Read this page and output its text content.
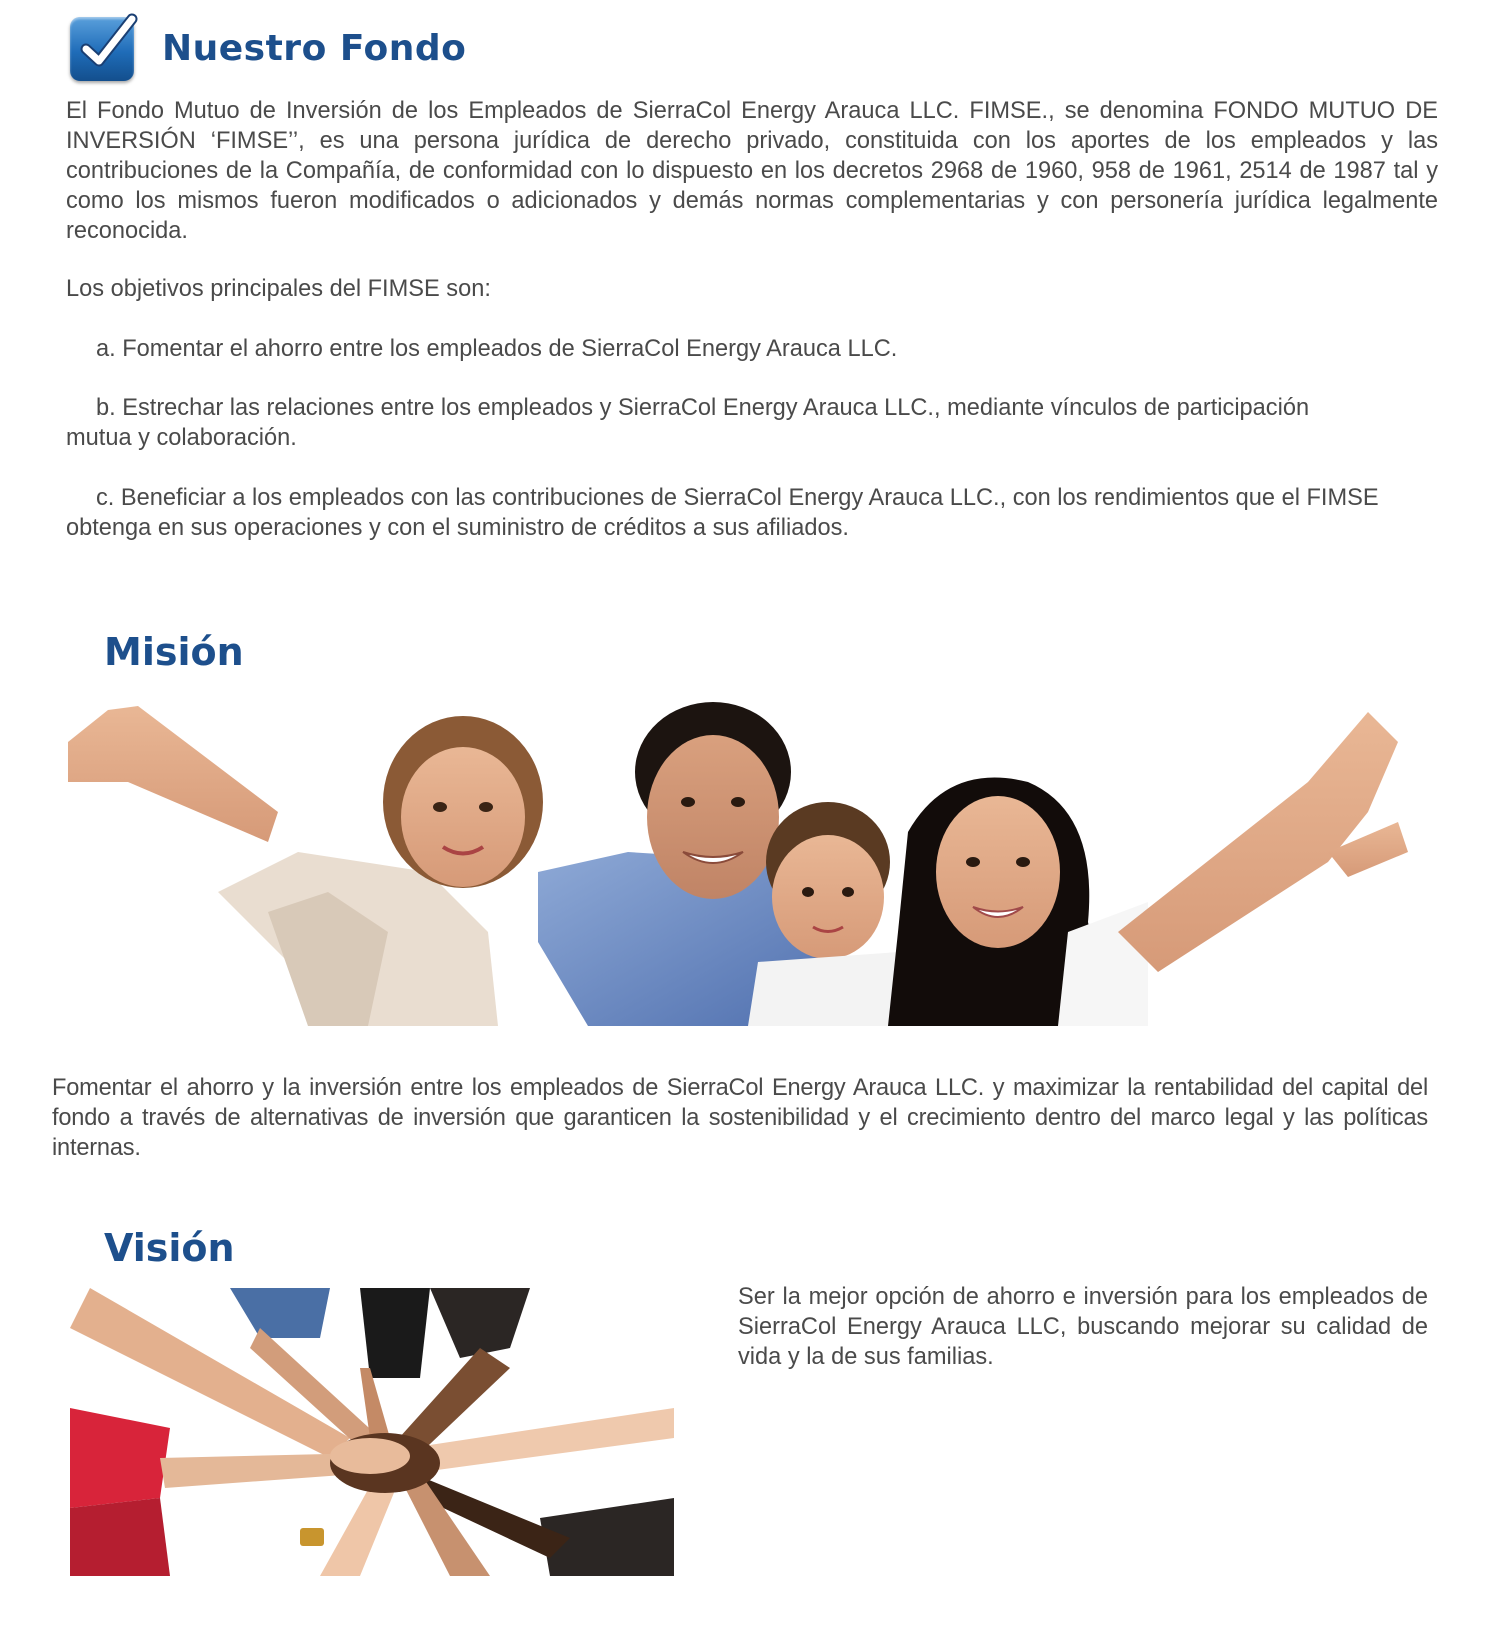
Nuestro Fondo

El Fondo Mutuo de Inversión de los Empleados de SierraCol Energy Arauca LLC. FIMSE., se denomina FONDO MUTUO DE INVERSIÓN ‘FIMSE’’, es una persona jurídica de derecho privado, constituida con los aportes de los empleados y las contribuciones de la Compañía, de conformidad con lo dispuesto en los decretos 2968 de 1960, 958 de 1961, 2514 de 1987 tal y como los mismos fueron modificados o adicionados y demás normas complementarias y con personería jurídica legalmente reconocida.

Los objetivos principales del FIMSE son:

a. Fomentar el ahorro entre los empleados de SierraCol Energy Arauca LLC.

b. Estrechar las relaciones entre los empleados y SierraCol Energy Arauca LLC., mediante vínculos de participación mutua y colaboración.

c. Beneficiar a los empleados con las contribuciones de SierraCol Energy Arauca LLC., con los rendimientos que el FIMSE obtenga en sus operaciones y con el suministro de créditos a sus afiliados.

Misión

Fomentar el ahorro y la inversión entre los empleados de SierraCol Energy Arauca LLC. y maximizar la rentabilidad del capital del fondo a través de alternativas de inversión que garanticen la sostenibilidad y el crecimiento dentro del marco legal y las políticas internas.

Visión

Ser la mejor opción de ahorro e inversión para los empleados de SierraCol Energy Arauca LLC, buscando mejorar su calidad de vida y la de sus familias.
